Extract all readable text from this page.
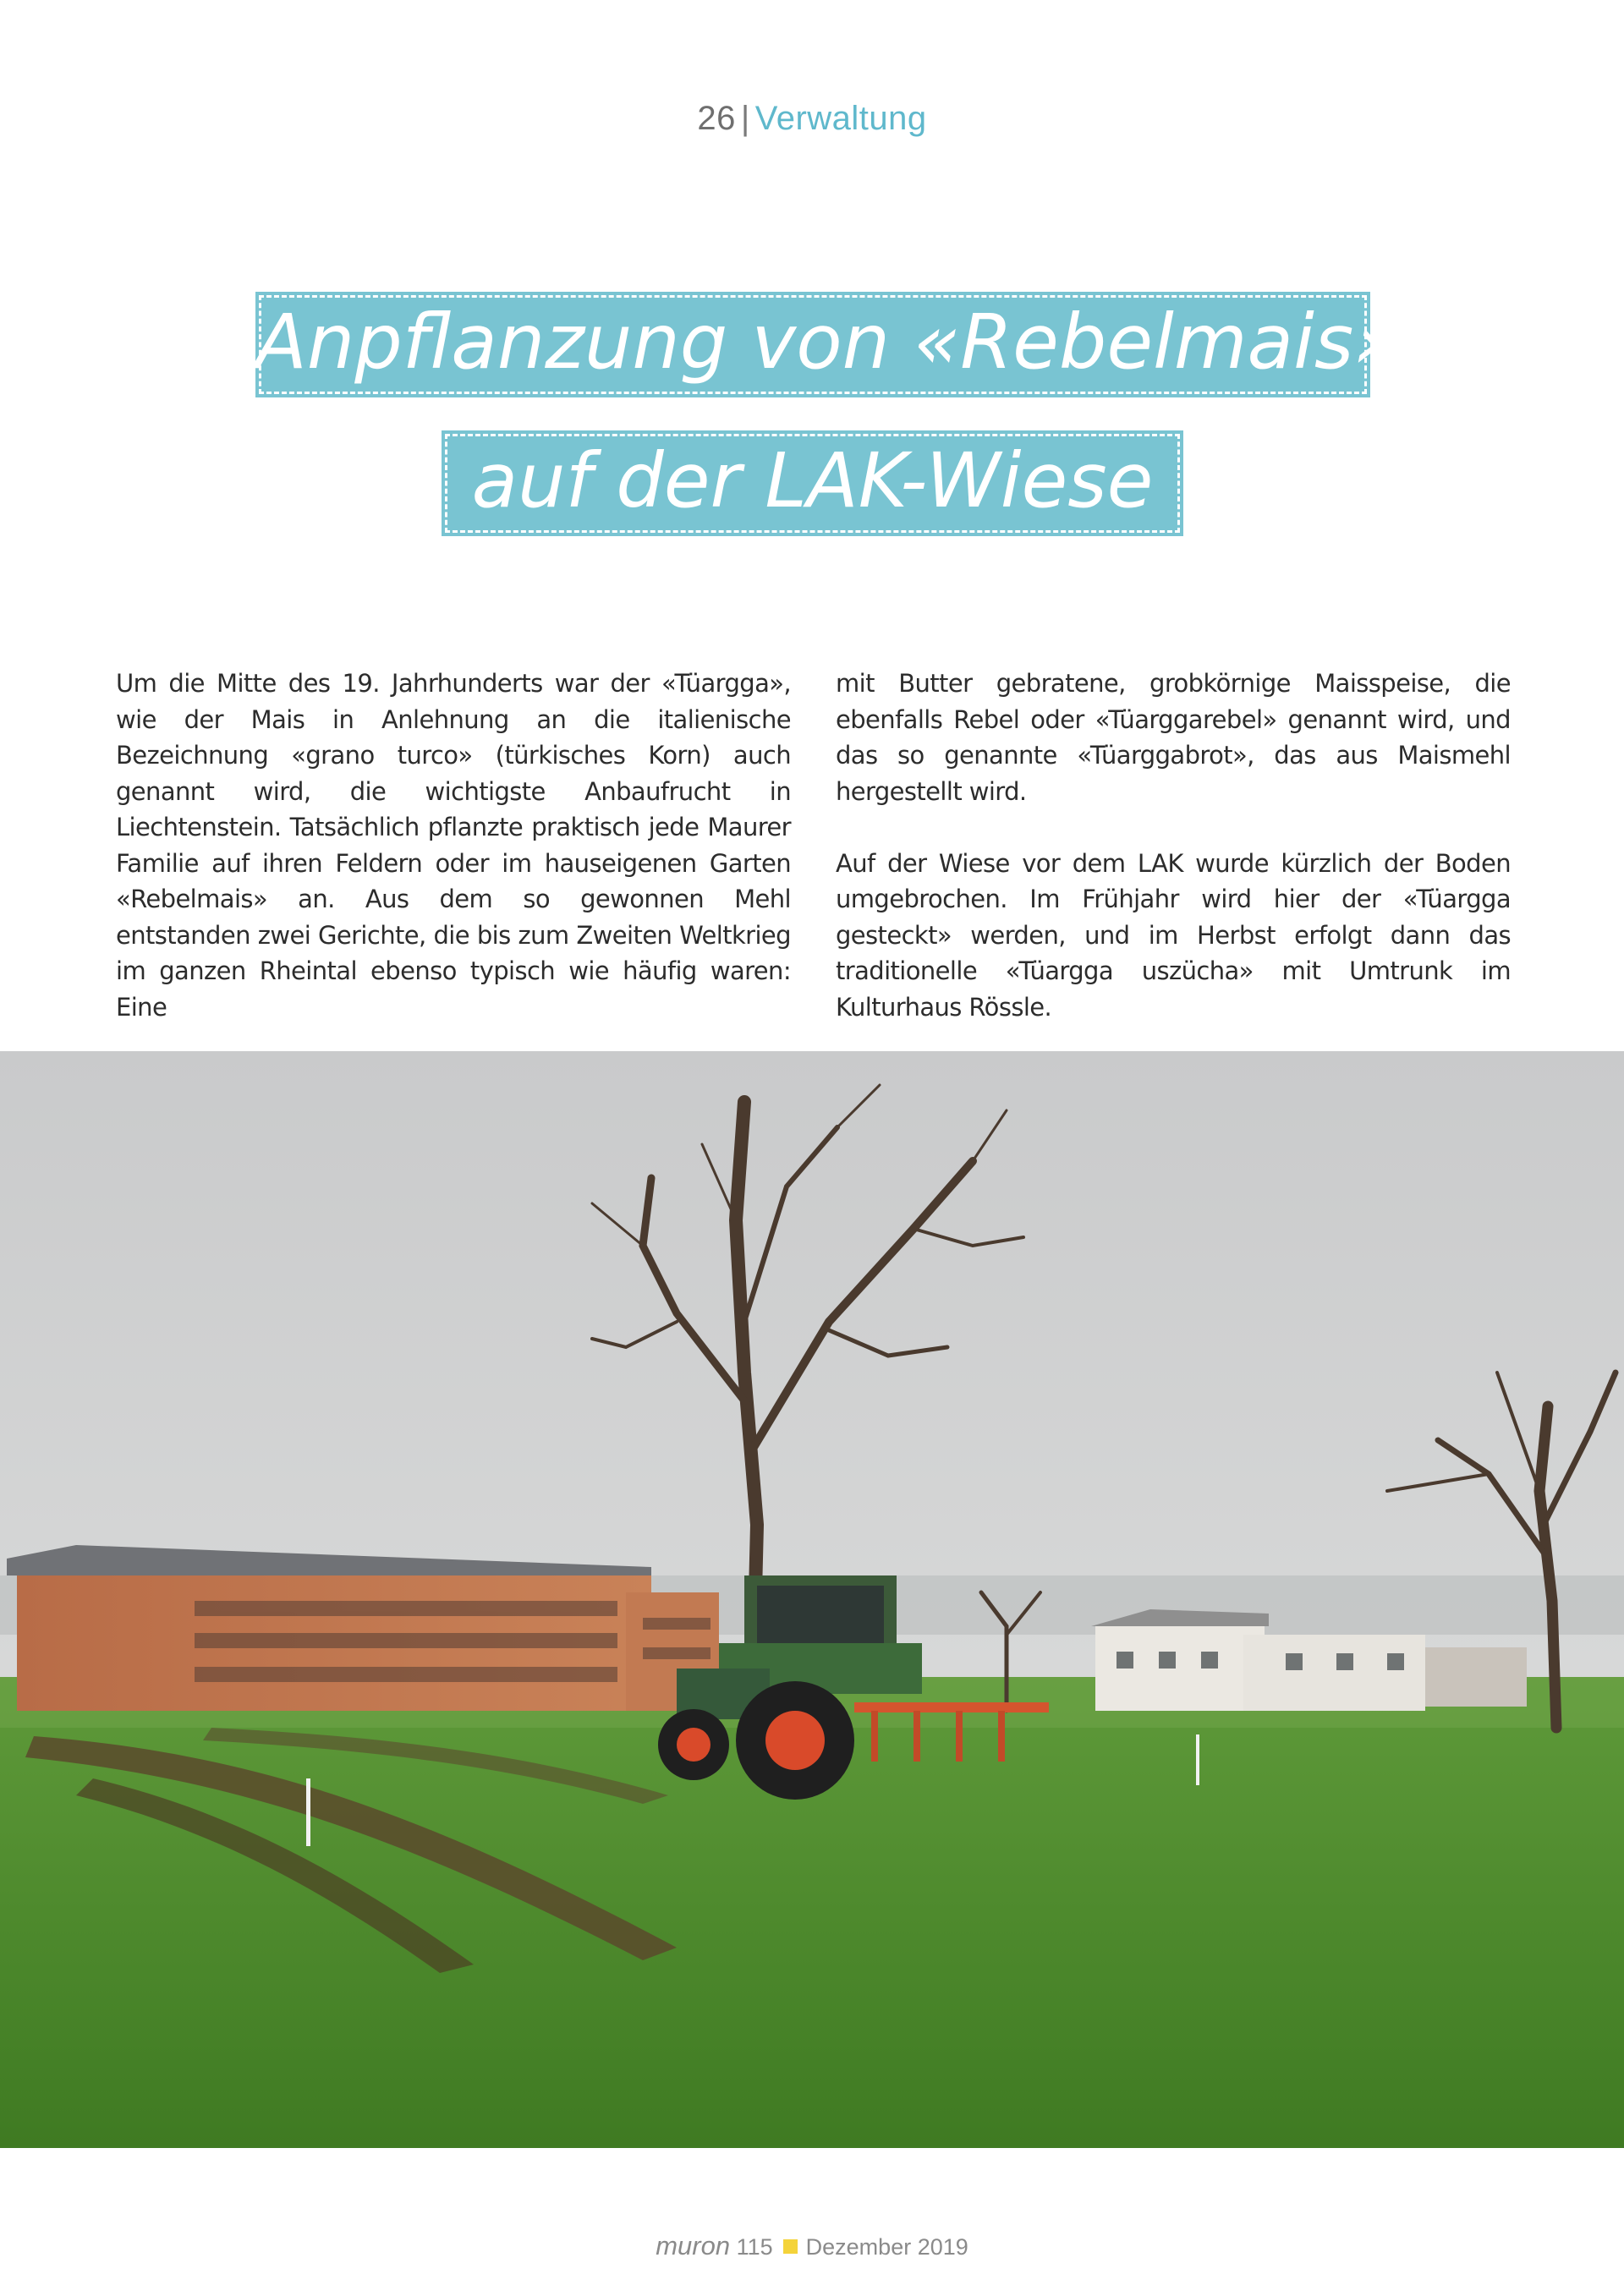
26 | Verwaltung
Anpflanzung von «Rebelmais»
auf der LAK-Wiese

Um die Mitte des 19. Jahrhunderts war der «Tüargga», wie der Mais in Anlehnung an die italienische Bezeichnung «grano turco» (türkisches Korn) auch genannt wird, die wichtigste Anbaufrucht in Liechtenstein. Tatsächlich pflanzte praktisch jede Maurer Familie auf ihren Feldern oder im hauseigenen Garten «Rebelmais» an. Aus dem so gewonnen Mehl entstanden zwei Gerichte, die bis zum Zweiten Weltkrieg im ganzen Rheintal ebenso typisch wie häufig waren: Eine

mit Butter gebratene, grobkörnige Maisspeise, die ebenfalls Rebel oder «Tüarggarebel» genannt wird, und das so genannte «Tüarggabrot», das aus Maismehl hergestellt wird.

Auf der Wiese vor dem LAK wurde kürzlich der Boden umgebrochen. Im Frühjahr wird hier der «Tüargga gesteckt» werden, und im Herbst erfolgt dann das traditionelle «Tüargga uszücha» mit Umtrunk im Kulturhaus Rössle.

muron 115 Dezember 2019
